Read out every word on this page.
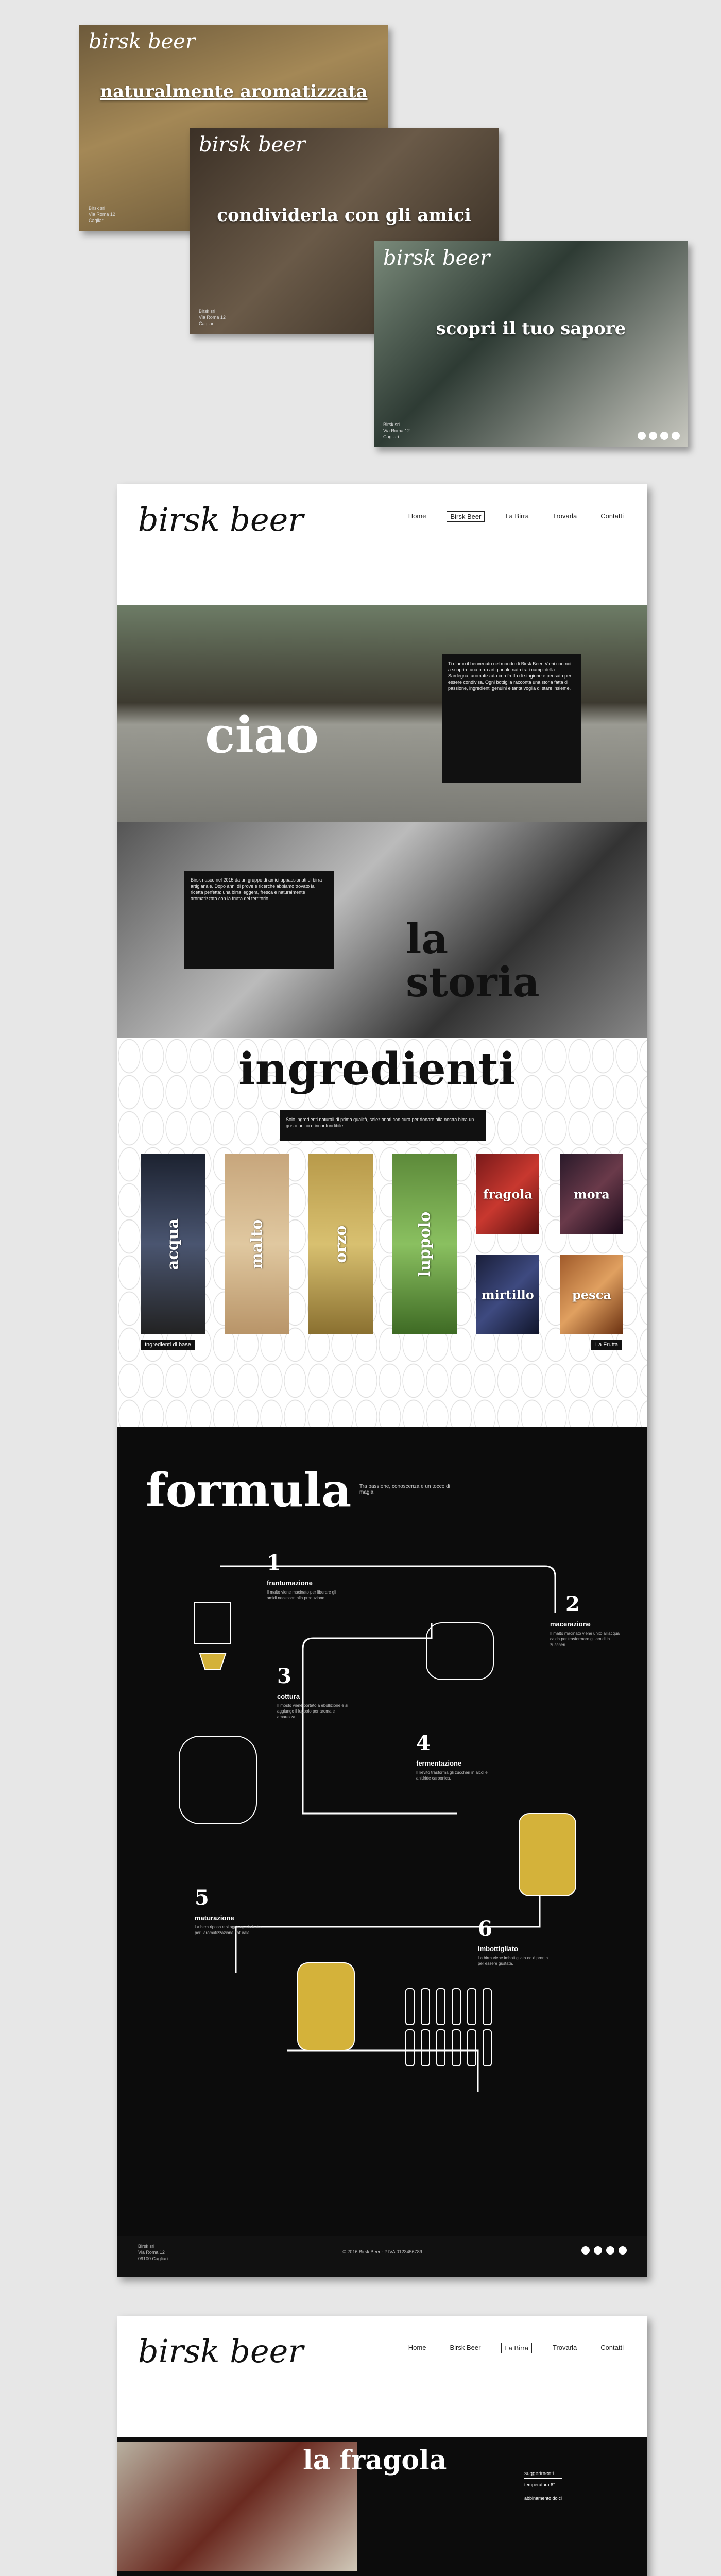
birsk beer
naturalmente aromatizzata
Birsk srl
Via Roma 12
Cagliari
birsk beer
condividerla con gli amici
Birsk srl
Via Roma 12
Cagliari
birsk beer
scopri il tuo sapore
Birsk srl
Via Roma 12
Cagliari
birsk beer	Home	Birsk Beer	La Birra	Trovarla	Contatti
ciao
Ti diamo il benvenuto nel mondo di Birsk Beer. Vieni con noi a scoprire una birra artigianale nata tra i campi della Sardegna, aromatizzata con frutta di stagione e pensata per essere condivisa. Ogni bottiglia racconta una storia fatta di passione, ingredienti genuini e tanta voglia di stare insieme.
Birsk nasce nel 2015 da un gruppo di amici appassionati di birra artigianale. Dopo anni di prove e ricerche abbiamo trovato la ricetta perfetta: una birra leggera, fresca e naturalmente aromatizzata con la frutta del territorio.
la
storia
ingredienti
Solo ingredienti naturali di prima qualità, selezionati con cura per donare alla nostra birra un gusto unico e inconfondibile.
acqua	malto	orzo	luppolo
fragola	mora
mirtillo	pesca
Ingredienti di base	La Frutta
formula Tra passione, conoscenza e un tocco di magia
1
frantumazione
Il malto viene macinato per liberare gli amidi necessari alla produzione.	2
macerazione
Il malto macinato viene unito all'acqua calda per trasformare gli amidi in zuccheri.
3
cottura
Il mosto viene portato a ebollizione e si aggiunge il luppolo per aroma e amarezza.
4
fermentazione
Il lievito trasforma gli zuccheri in alcol e anidride carbonica.
5
maturazione
La birra riposa e si aggiunge la frutta per l'aromatizzazione naturale.	6
imbottigliato
La birra viene imbottigliata ed è pronta per essere gustata.
Birsk srl
Via Roma 12
09100 Cagliari
© 2016 Birsk Beer - P.IVA 0123456789
birsk beer	Home	Birsk Beer	La Birra	Trovarla	Contatti
la fragola	suggerimenti
temperatura 6°

abbinamento dolci
